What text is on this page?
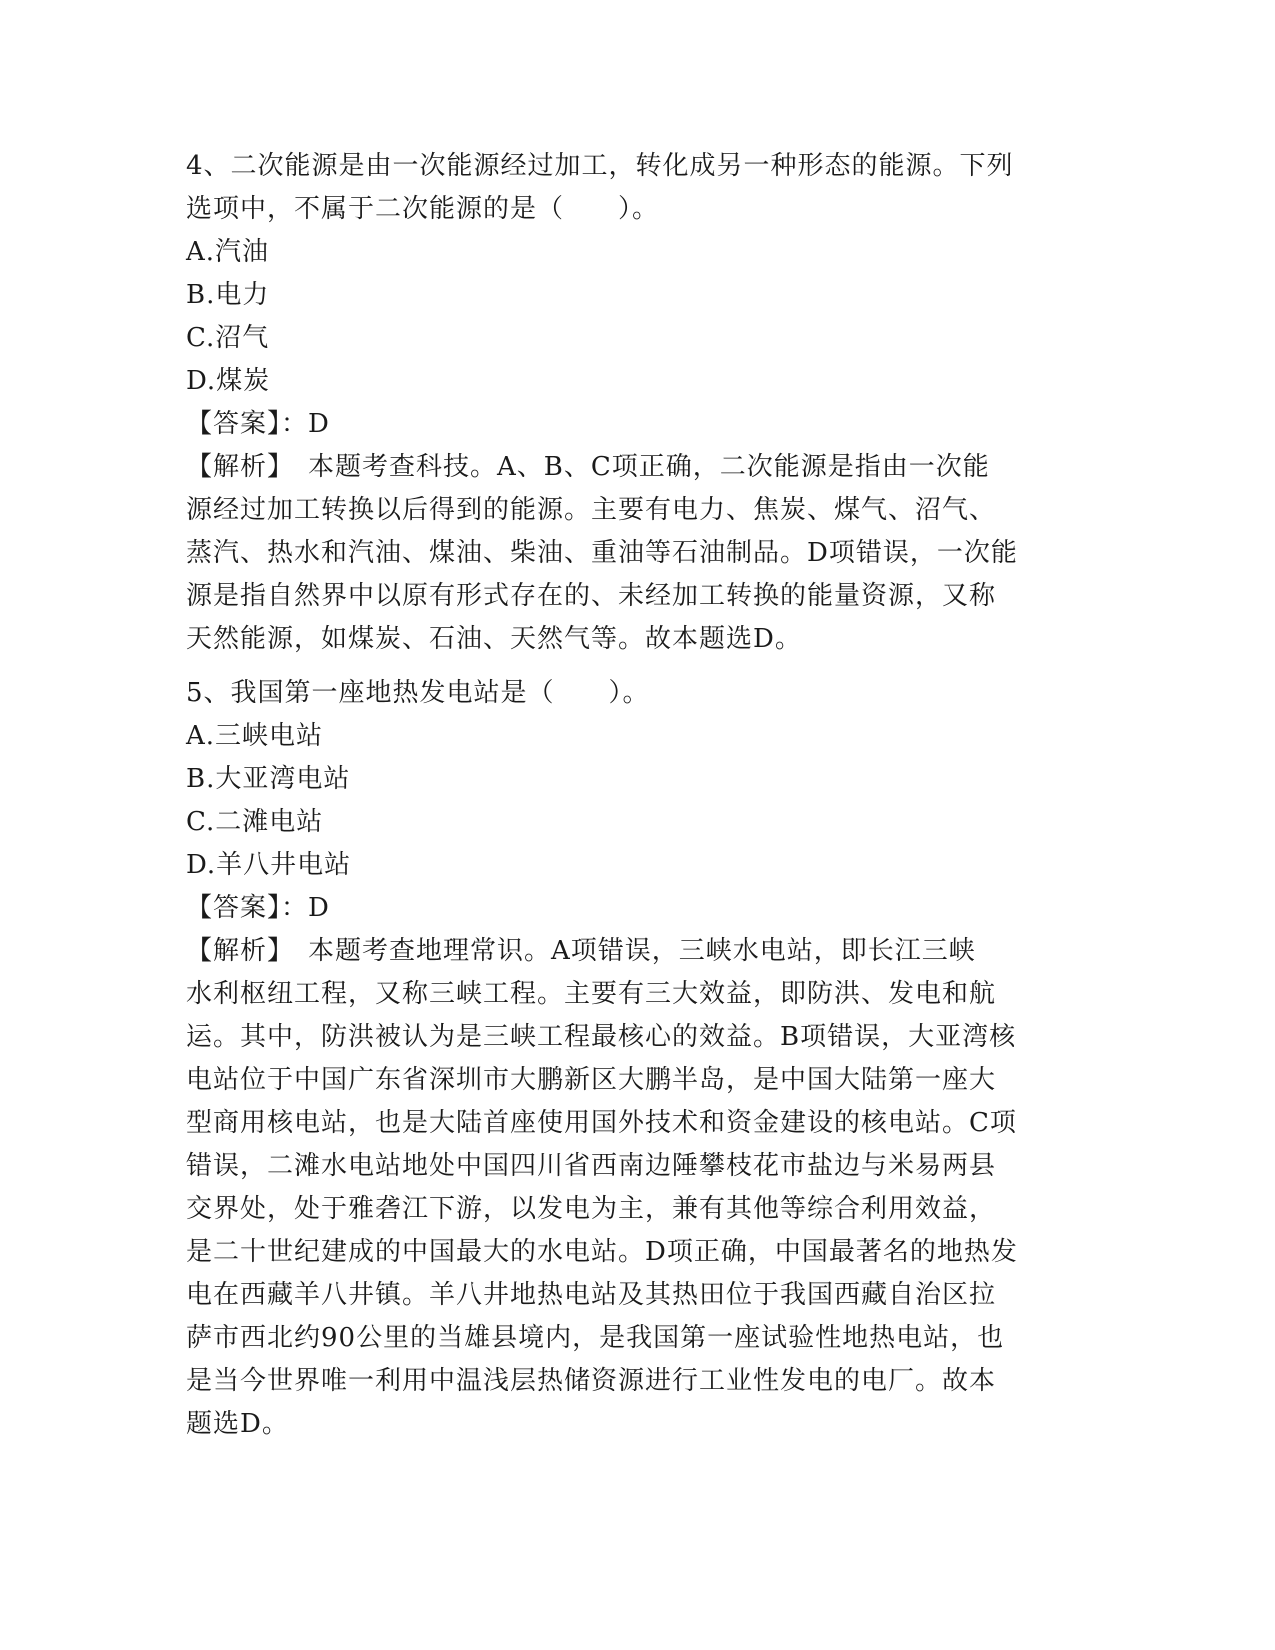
4、二次能源是由一次能源经过加工，转化成另一种形态的能源。下列
选项中，不属于二次能源的是（　　）。
A.汽油
B.电力
C.沼气
D.煤炭
【答案】：D
【解析】　本题考查科技。A、B、C项正确，二次能源是指由一次能
源经过加工转换以后得到的能源。主要有电力、焦炭、煤气、沼气、
蒸汽、热水和汽油、煤油、柴油、重油等石油制品。D项错误，一次能
源是指自然界中以原有形式存在的、未经加工转换的能量资源，又称
天然能源，如煤炭、石油、天然气等。故本题选D。
5、我国第一座地热发电站是（　　）。
A.三峡电站
B.大亚湾电站
C.二滩电站
D.羊八井电站
【答案】：D
【解析】　本题考查地理常识。A项错误，三峡水电站，即长江三峡
水利枢纽工程，又称三峡工程。主要有三大效益，即防洪、发电和航
运。其中，防洪被认为是三峡工程最核心的效益。B项错误，大亚湾核
电站位于中国广东省深圳市大鹏新区大鹏半岛，是中国大陆第一座大
型商用核电站，也是大陆首座使用国外技术和资金建设的核电站。C项
错误，二滩水电站地处中国四川省西南边陲攀枝花市盐边与米易两县
交界处，处于雅砻江下游，以发电为主，兼有其他等综合利用效益，
是二十世纪建成的中国最大的水电站。D项正确，中国最著名的地热发
电在西藏羊八井镇。羊八井地热电站及其热田位于我国西藏自治区拉
萨市西北约90公里的当雄县境内，是我国第一座试验性地热电站，也
是当今世界唯一利用中温浅层热储资源进行工业性发电的电厂。故本
题选D。
